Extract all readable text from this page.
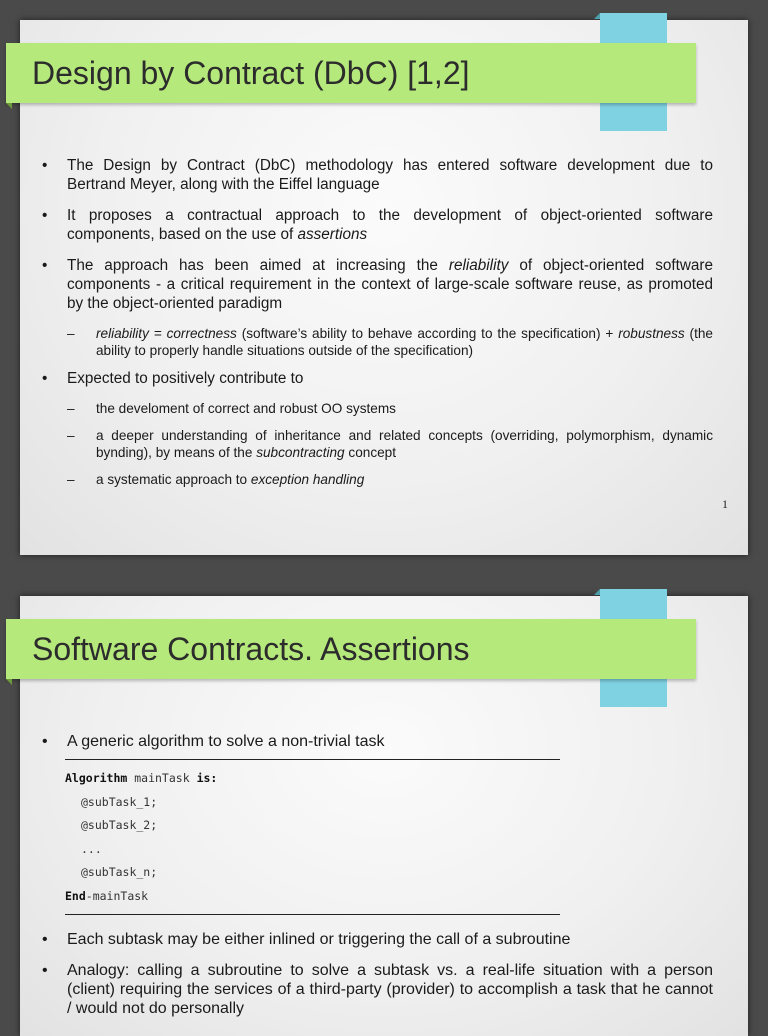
Design by Contract (DbC) [1,2]
• The Design by Contract (DbC) methodology has entered software development due to Bertrand Meyer, along with the Eiffel language
• It proposes a contractual approach to the development of object-oriented software components, based on the use of assertions
• The approach has been aimed at increasing the reliability of object-oriented software components - a critical requirement in the context of large-scale software reuse, as promoted by the object-oriented paradigm
– reliability = correctness (software’s ability to behave according to the specification) + robustness (the ability to properly handle situations outside of the specification)
• Expected to positively contribute to
– the develoment of correct and robust OO systems
– a deeper understanding of inheritance and related concepts (overriding, polymorphism, dynamic bynding), by means of the subcontracting concept
– a systematic approach to exception handling
1
Software Contracts. Assertions
• A generic algorithm to solve a non-trivial task
Algorithm mainTask is:
@subTask_1;
@subTask_2;
...
@subTask_n;
End-mainTask
• Each subtask may be either inlined or triggering the call of a subroutine
• Analogy: calling a subroutine to solve a subtask vs. a real-life situation with a person (client) requiring the services of a third-party (provider) to accomplish a task that he cannot / would not do personally
